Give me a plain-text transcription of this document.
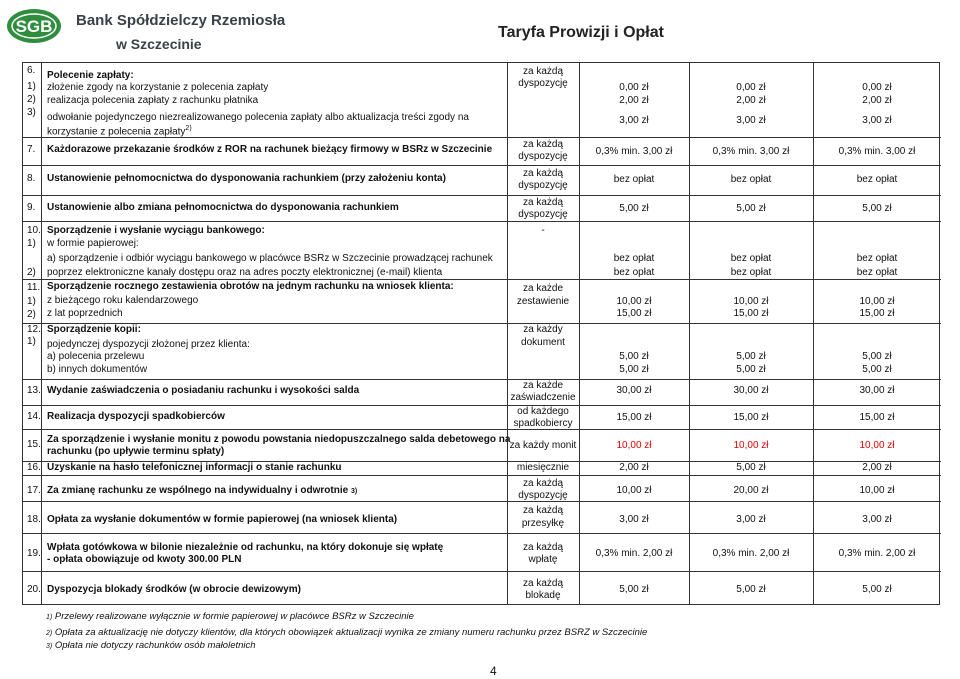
SGB Bank Spółdzielczy Rzemiosła
w Szczecinie
Taryfa Prowizji i Opłat
6. Polecenie zapłaty:	za każdą
dyspozycję
1) złożenie zgody na korzystanie z polecenia zapłaty	0,00 zł	0,00 zł	0,00 zł
2) realizacja polecenia zapłaty z rachunku płatnika	2,00 zł	2,00 zł	2,00 zł
3) odwołanie pojedynczego niezrealizowanego polecenia zapłaty albo aktualizacja treści zgody na
korzystanie z polecenia zapłaty$^{2)}$
3,00 zł	3,00 zł	3,00 zł
7. Każdorazowe przekazanie środków z ROR na rachunek bieżący firmowy w BSRz w Szczecinie	za każdą
dyspozycję	0,3% min. 3,00 zł	0,3% min. 3,00 zł	0,3% min. 3,00 zł
8. Ustanowienie pełnomocnictwa do dysponowania rachunkiem (przy założeniu konta)	za każdą
dyspozycję
bez opłat	bez opłat	bez opłat
9. Ustanowienie albo zmiana pełnomocnictwa do dysponowania rachunkiem	za każdą
dyspozycję
5,00 zł	5,00 zł	5,00 zł
10. Sporządzenie i wysłanie wyciągu bankowego:	-
1) w formie papierowej:
a) sporządzenie i odbiór wyciągu bankowego w placówce BSRz w Szczecinie prowadzącej rachunek	bez opłat	bez opłat	bez opłat
2) poprzez elektroniczne kanały dostępu oraz na adres poczty elektronicznej (e-mail) klienta	bez opłat	bez opłat	bez opłat
11. Sporządzenie rocznego zestawienia obrotów na jednym rachunku na wniosek klienta:	za każde
zestawienie
1) z bieżącego roku kalendarzowego	10,00 zł	10,00 zł	10,00 zł
2) z lat poprzednich	15,00 zł	15,00 zł	15,00 zł
12. Sporządzenie kopii:	za każdy
dokument
1) pojedynczej dyspozycji złożonej przez klienta:
a) polecenia przelewu	5,00 zł	5,00 zł	5,00 zł
b) innych dokumentów	5,00 zł	5,00 zł	5,00 zł
13. Wydanie zaświadczenia o posiadaniu rachunku i wysokości salda	za każde
zaświadczenie
30,00 zł	30,00 zł	30,00 zł
14. Realizacja dyspozycji spadkobierców	od każdego
spadkobiercy
15,00 zł	15,00 zł	15,00 zł
15. Za sporządzenie i wysłanie monitu z powodu powstania niedopuszczalnego salda debetowego na
rachunku (po upływie terminu spłaty)
za każdy monit	10,00 zł	10,00 zł	10,00 zł
16. Uzyskanie na hasło telefonicznej informacji o stanie rachunku	miesięcznie	2,00 zł	5,00 zł	2,00 zł
17. Za zmianę rachunku ze wspólnego na indywidualny i odwrotnie 3)
za każdą
dyspozycję	10,00 zł	20,00 zł	10,00 zł
18. Opłata za wysłanie dokumentów w formie papierowej (na wniosek klienta)
za każdą
przesyłkę	3,00 zł	3,00 zł	3,00 zł
19.
Wpłata gotówkowa w bilonie niezależnie od rachunku, na który dokonuje się wpłatę
- opłata obowiązuje od kwoty 300.00 PLN
za każdą
wpłatę
0,3% min. 2,00 zł	0,3% min. 2,00 zł	0,3% min. 2,00 zł
20. Dyspozycja blokady środków (w obrocie dewizowym)
za każdą
blokadę
5,00 zł	5,00 zł	5,00 zł
1) Przelewy realizowane wyłącznie w formie papierowej w placówce BSRz w Szczecinie
2) Opłata za aktualizację nie dotyczy klientów, dla których obowiązek aktualizacji wynika ze zmiany numeru rachunku przez BSRZ w Szczecinie
3) Opłata nie dotyczy rachunków osób małoletnich
4
